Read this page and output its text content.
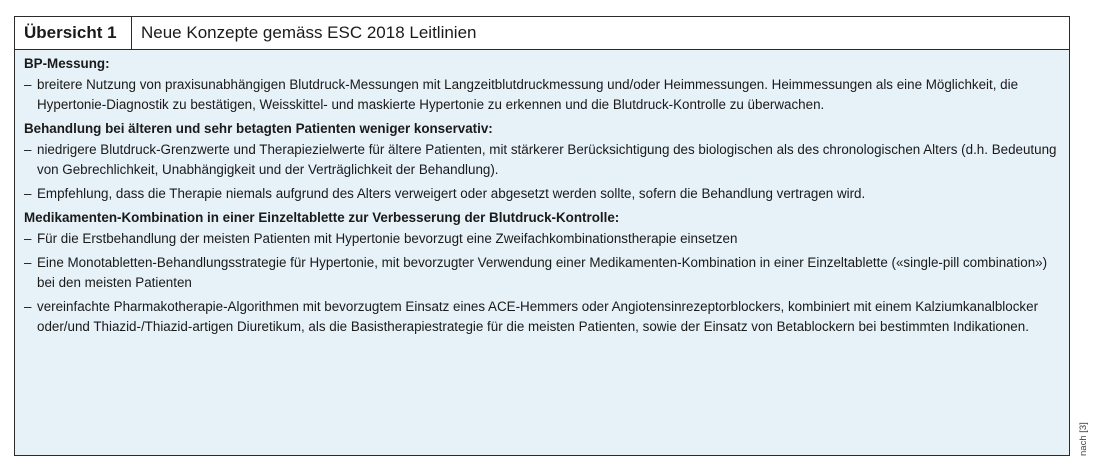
Übersicht 1	Neue Konzepte gemäss ESC 2018 Leitlinien
BP-Messung:
– breitere Nutzung von praxisunabhängigen Blutdruck-Messungen mit Langzeitblutdruckmessung und/oder Heimmessungen. Heimmessungen als eine Möglichkeit, die Hypertonie-Diagnostik zu bestätigen, Weisskittel- und maskierte Hypertonie zu erkennen und die Blutdruck-Kontrolle zu überwachen.
Behandlung bei älteren und sehr betagten Patienten weniger konservativ:
– niedrigere Blutdruck-Grenzwerte und Therapiezielwerte für ältere Patienten, mit stärkerer Berücksichtigung des biologischen als des chronologischen Alters (d.h. Bedeutung von Gebrechlichkeit, Unabhängigkeit und der Verträglichkeit der Behandlung).
– Empfehlung, dass die Therapie niemals aufgrund des Alters verweigert oder abgesetzt werden sollte, sofern die Behandlung vertragen wird.
Medikamenten-Kombination in einer Einzeltablette zur Verbesserung der Blutdruck-Kontrolle:
– Für die Erstbehandlung der meisten Patienten mit Hypertonie bevorzugt eine Zweifachkombinationstherapie einsetzen
– Eine Monotabletten-Behandlungsstrategie für Hypertonie, mit bevorzugter Verwendung einer Medikamenten-Kombination in einer Einzeltablette («single-pill combination») bei den meisten Patienten
– vereinfachte Pharmakotherapie-Algorithmen mit bevorzugtem Einsatz eines ACE-Hemmers oder Angiotensinrezeptorblockers, kombiniert mit einem Kalziumkanalblocker oder/und Thiazid-/Thiazid-artigen Diuretikum, als die Basistherapiestrategie für die meisten Patienten, sowie der Einsatz von Betablockern bei bestimmten Indikationen.
nach [3]
